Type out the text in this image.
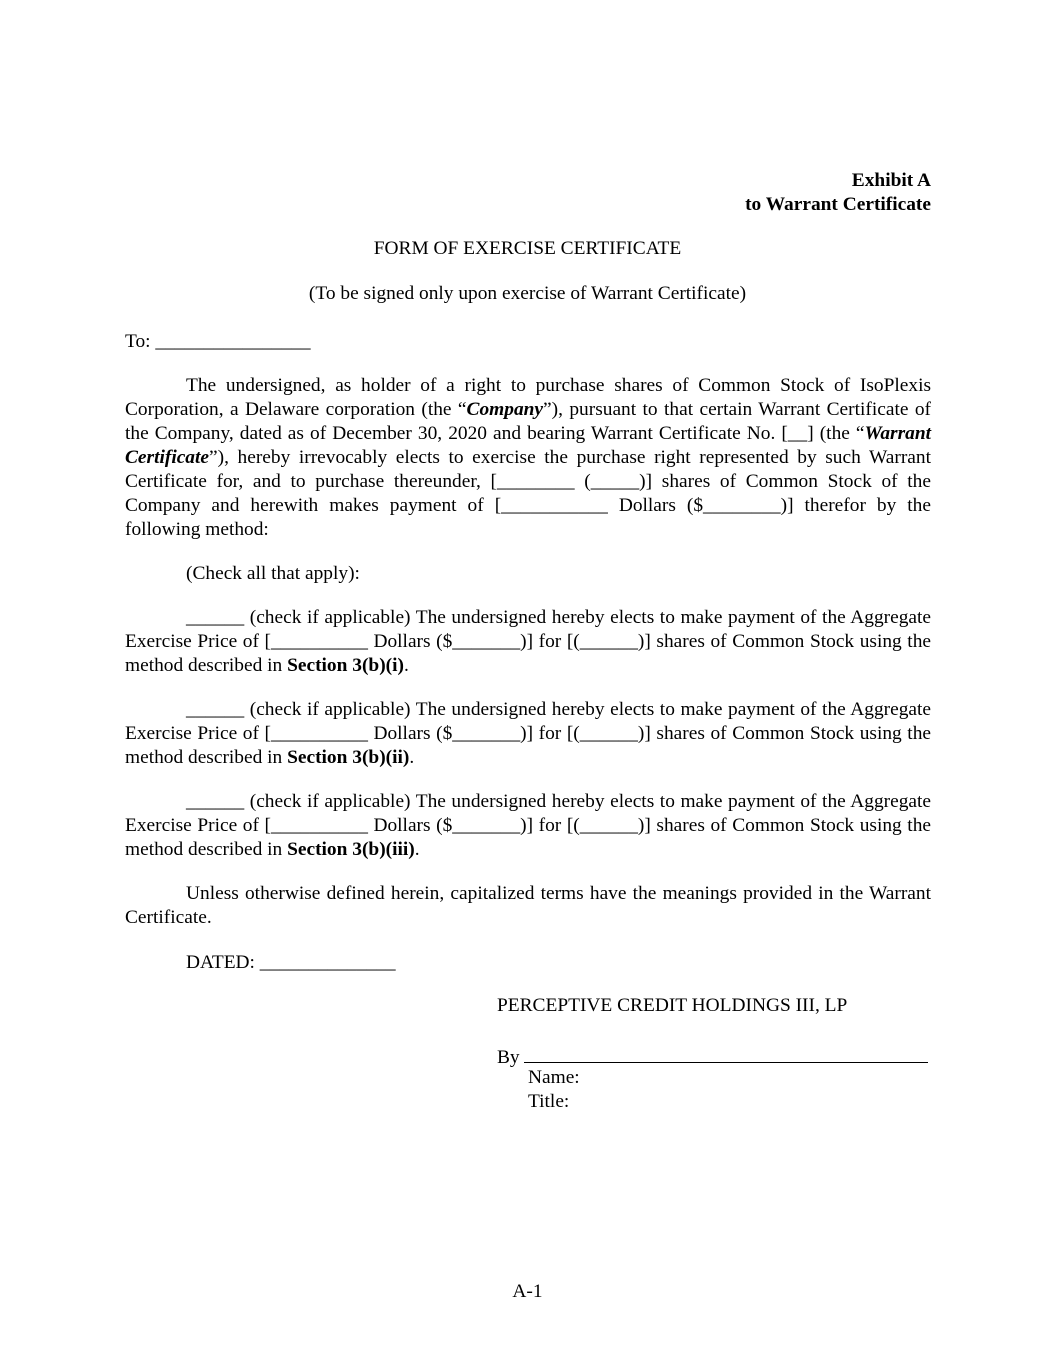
Exhibit A
to Warrant Certificate
FORM OF EXERCISE CERTIFICATE
(To be signed only upon exercise of Warrant Certificate)
To: ________________
The undersigned, as holder of a right to purchase shares of Common Stock of IsoPlexis Corporation, a Delaware corporation (the “Company”), pursuant to that certain Warrant Certificate of the Company, dated as of December 30, 2020 and bearing Warrant Certificate No. [__] (the “Warrant Certificate”), hereby irrevocably elects to exercise the purchase right represented by such Warrant Certificate for, and to purchase thereunder, [________ (_____)] shares of Common Stock of the Company and herewith makes payment of [___________ Dollars ($________)] therefor by the following method:
(Check all that apply):
______ (check if applicable) The undersigned hereby elects to make payment of the Aggregate Exercise Price of [__________ Dollars ($_______)] for [(______)] shares of Common Stock using the method described in Section 3(b)(i).
______ (check if applicable) The undersigned hereby elects to make payment of the Aggregate Exercise Price of [__________ Dollars ($_______)] for [(______)] shares of Common Stock using the method described in Section 3(b)(ii).
______ (check if applicable) The undersigned hereby elects to make payment of the Aggregate Exercise Price of [__________ Dollars ($_______)] for [(______)] shares of Common Stock using the method described in Section 3(b)(iii).
Unless otherwise defined herein, capitalized terms have the meanings provided in the Warrant Certificate.
DATED: ______________
PERCEPTIVE CREDIT HOLDINGS III, LP
By
Name:
Title:
A-1
